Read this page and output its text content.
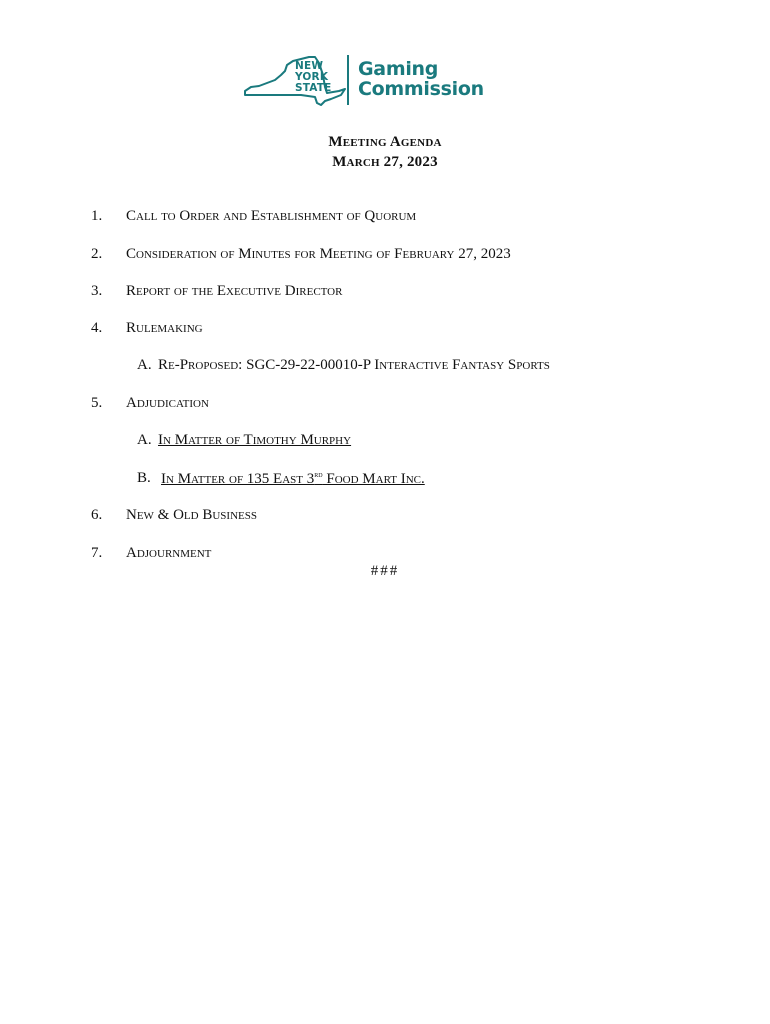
NEW
YORK
STATE
Gaming
Commission
Meeting Agenda
March 27, 2023
1. Call to Order and Establishment of Quorum
2. Consideration of Minutes for Meeting of February 27, 2023
3. Report of the Executive Director
4. Rulemaking
A. Re-Proposed: SGC-29-22-00010-P Interactive Fantasy Sports
5. Adjudication
A. In Matter of Timothy Murphy
B. In Matter of 135 East 3rd Food Mart Inc.
6. New & Old Business
7. Adjournment
###
